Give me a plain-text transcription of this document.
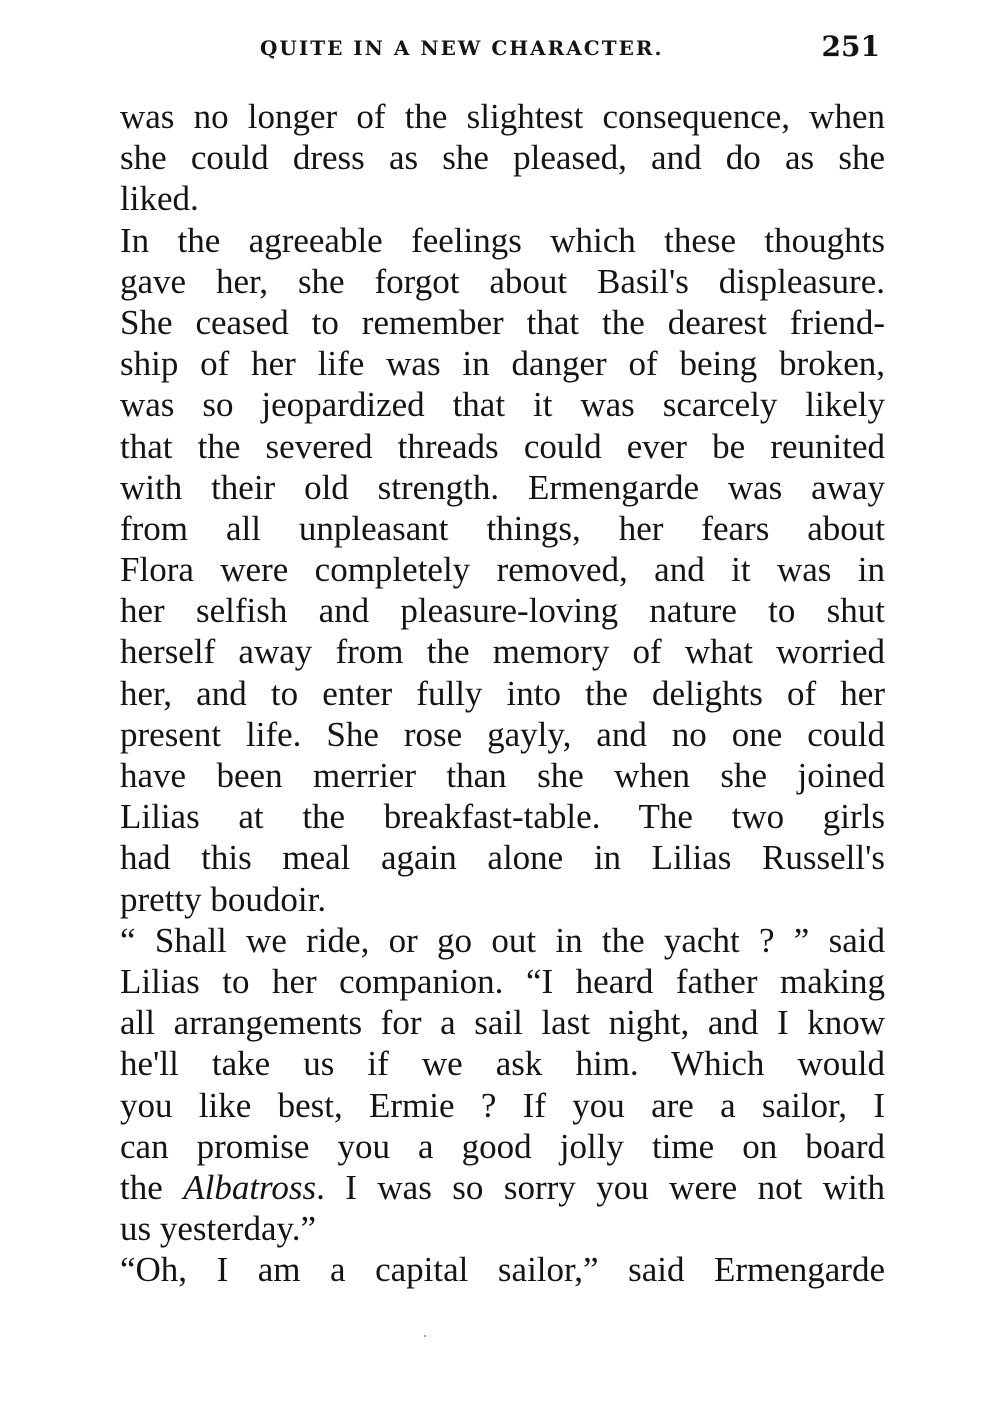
QUITE IN A NEW CHARACTER.	251
was no longer of the slightest consequence, when
she could dress as she pleased, and do as she
liked.
In the agreeable feelings which these thoughts
gave her, she forgot about Basil's displeasure.
She ceased to remember that the dearest friend-
ship of her life was in danger of being broken,
was so jeopardized that it was scarcely likely
that the severed threads could ever be reunited
with their old strength. Ermengarde was away
from all unpleasant things, her fears about
Flora were completely removed, and it was in
her selfish and pleasure-loving nature to shut
herself away from the memory of what worried
her, and to enter fully into the delights of her
present life. She rose gayly, and no one could
have been merrier than she when she joined
Lilias at the breakfast-table. The two girls
had this meal again alone in Lilias Russell's
pretty boudoir.
“ Shall we ride, or go out in the yacht ? ” said
Lilias to her companion. “I heard father making
all arrangements for a sail last night, and I know
he'll take us if we ask him. Which would
you like best, Ermie ? If you are a sailor, I
can promise you a good jolly time on board
the Albatross. I was so sorry you were not with
us yesterday.”
“Oh, I am a capital sailor,” said Ermengarde
